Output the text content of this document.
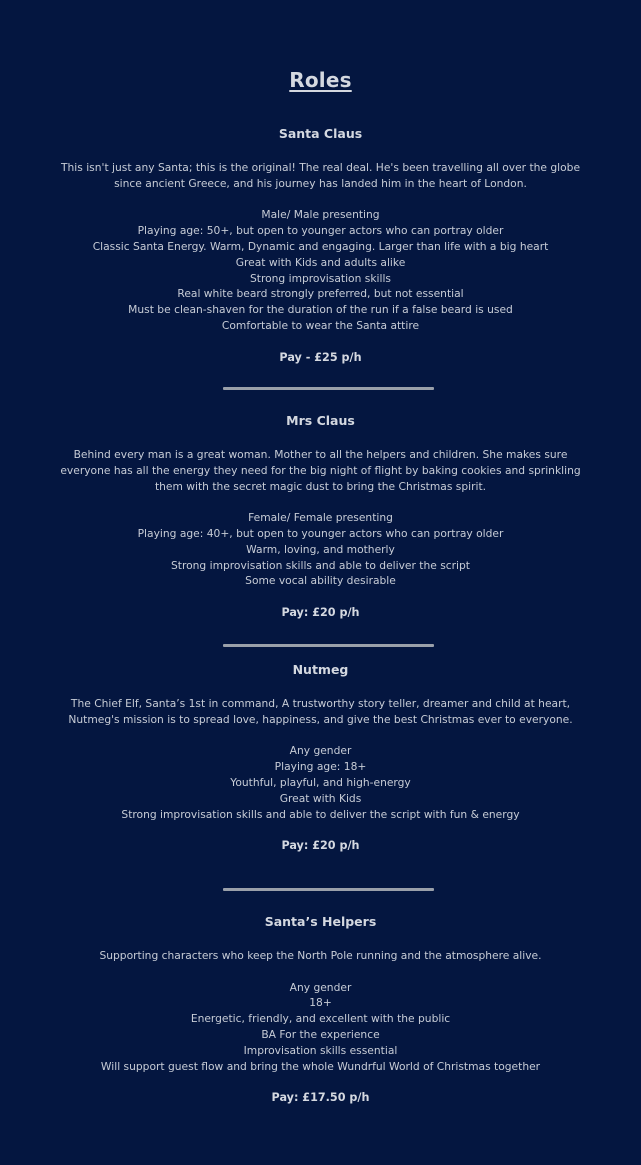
Roles
Santa Claus
This isn't just any Santa; this is the original! The real deal. He's been travelling all over the globe
since ancient Greece, and his journey has landed him in the heart of London.
Male/ Male presenting
Playing age: 50+, but open to younger actors who can portray older
Classic Santa Energy. Warm, Dynamic and engaging. Larger than life with a big heart
Great with Kids and adults alike
Strong improvisation skills
Real white beard strongly preferred, but not essential
Must be clean-shaven for the duration of the run if a false beard is used
Comfortable to wear the Santa attire
Pay - £25 p/h
Mrs Claus
Behind every man is a great woman. Mother to all the helpers and children. She makes sure
everyone has all the energy they need for the big night of flight by baking cookies and sprinkling
them with the secret magic dust to bring the Christmas spirit.
Female/ Female presenting
Playing age: 40+, but open to younger actors who can portray older
Warm, loving, and motherly
Strong improvisation skills and able to deliver the script
Some vocal ability desirable
Pay: £20 p/h
Nutmeg
The Chief Elf, Santa’s 1st in command, A trustworthy story teller, dreamer and child at heart,
Nutmeg's mission is to spread love, happiness, and give the best Christmas ever to everyone.
Any gender
Playing age: 18+
Youthful, playful, and high-energy
Great with Kids
Strong improvisation skills and able to deliver the script with fun & energy
Pay: £20 p/h
Santa’s Helpers
Supporting characters who keep the North Pole running and the atmosphere alive.
Any gender
18+
Energetic, friendly, and excellent with the public
BA For the experience
Improvisation skills essential
Will support guest flow and bring the whole Wundrful World of Christmas together
Pay: £17.50 p/h
